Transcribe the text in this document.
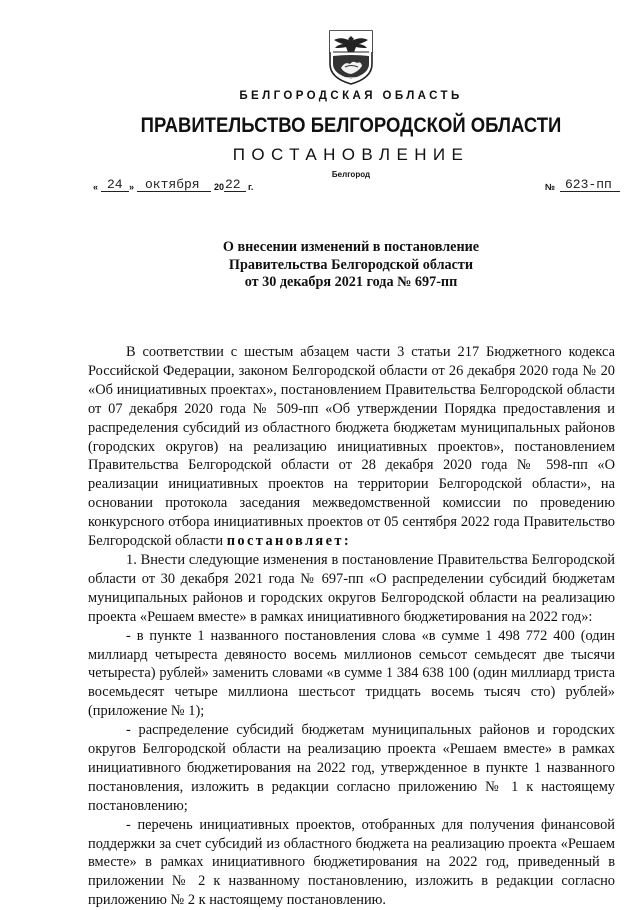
БЕЛГОРОДСКАЯ ОБЛАСТЬ
ПРАВИТЕЛЬСТВО БЕЛГОРОДСКОЙ ОБЛАСТИ
ПОСТАНОВЛЕНИЕ
Белгород
« 24 » октября 20 22 г.	№ 623-пп
О внесении изменений в постановление
Правительства Белгородской области
от 30 декабря 2021 года № 697-пп

В соответствии с шестым абзацем части 3 статьи 217 Бюджетного кодекса Российской Федерации, законом Белгородской области от 26 декабря 2020 года № 20 «Об инициативных проектах», постановлением Правительства Белгородской области от 07 декабря 2020 года № 509-пп «Об утверждении Порядка предоставления и распределения субсидий из областного бюджета бюджетам муниципальных районов (городских округов) на реализацию инициативных проектов», постановлением Правительства Белгородской области от 28 декабря 2020 года № 598-пп «О реализации инициативных проектов на территории Белгородской области», на основании протокола заседания межведомственной комиссии по проведению конкурсного отбора инициативных проектов от 05 сентября 2022 года Правительство Белгородской области постановляет:

1. Внести следующие изменения в постановление Правительства Белгородской области от 30 декабря 2021 года № 697-пп «О распределении субсидий бюджетам муниципальных районов и городских округов Белгородской области на реализацию проекта «Решаем вместе» в рамках инициативного бюджетирования на 2022 год»:

- в пункте 1 названного постановления слова «в сумме 1 498 772 400 (один миллиард четыреста девяносто восемь миллионов семьсот семьдесят две тысячи четыреста) рублей» заменить словами «в сумме 1 384 638 100 (один миллиард триста восемьдесят четыре миллиона шестьсот тридцать восемь тысяч сто) рублей» (приложение № 1);

- распределение субсидий бюджетам муниципальных районов и городских округов Белгородской области на реализацию проекта «Решаем вместе» в рамках инициативного бюджетирования на 2022 год, утвержденное в пункте 1 названного постановления, изложить в редакции согласно приложению № 1 к настоящему постановлению;

- перечень инициативных проектов, отобранных для получения финансовой поддержки за счет субсидий из областного бюджета на реализацию проекта «Решаем вместе» в рамках инициативного бюджетирования на 2022 год, приведенный в приложении № 2 к названному постановлению, изложить в редакции согласно приложению № 2 к настоящему постановлению.
